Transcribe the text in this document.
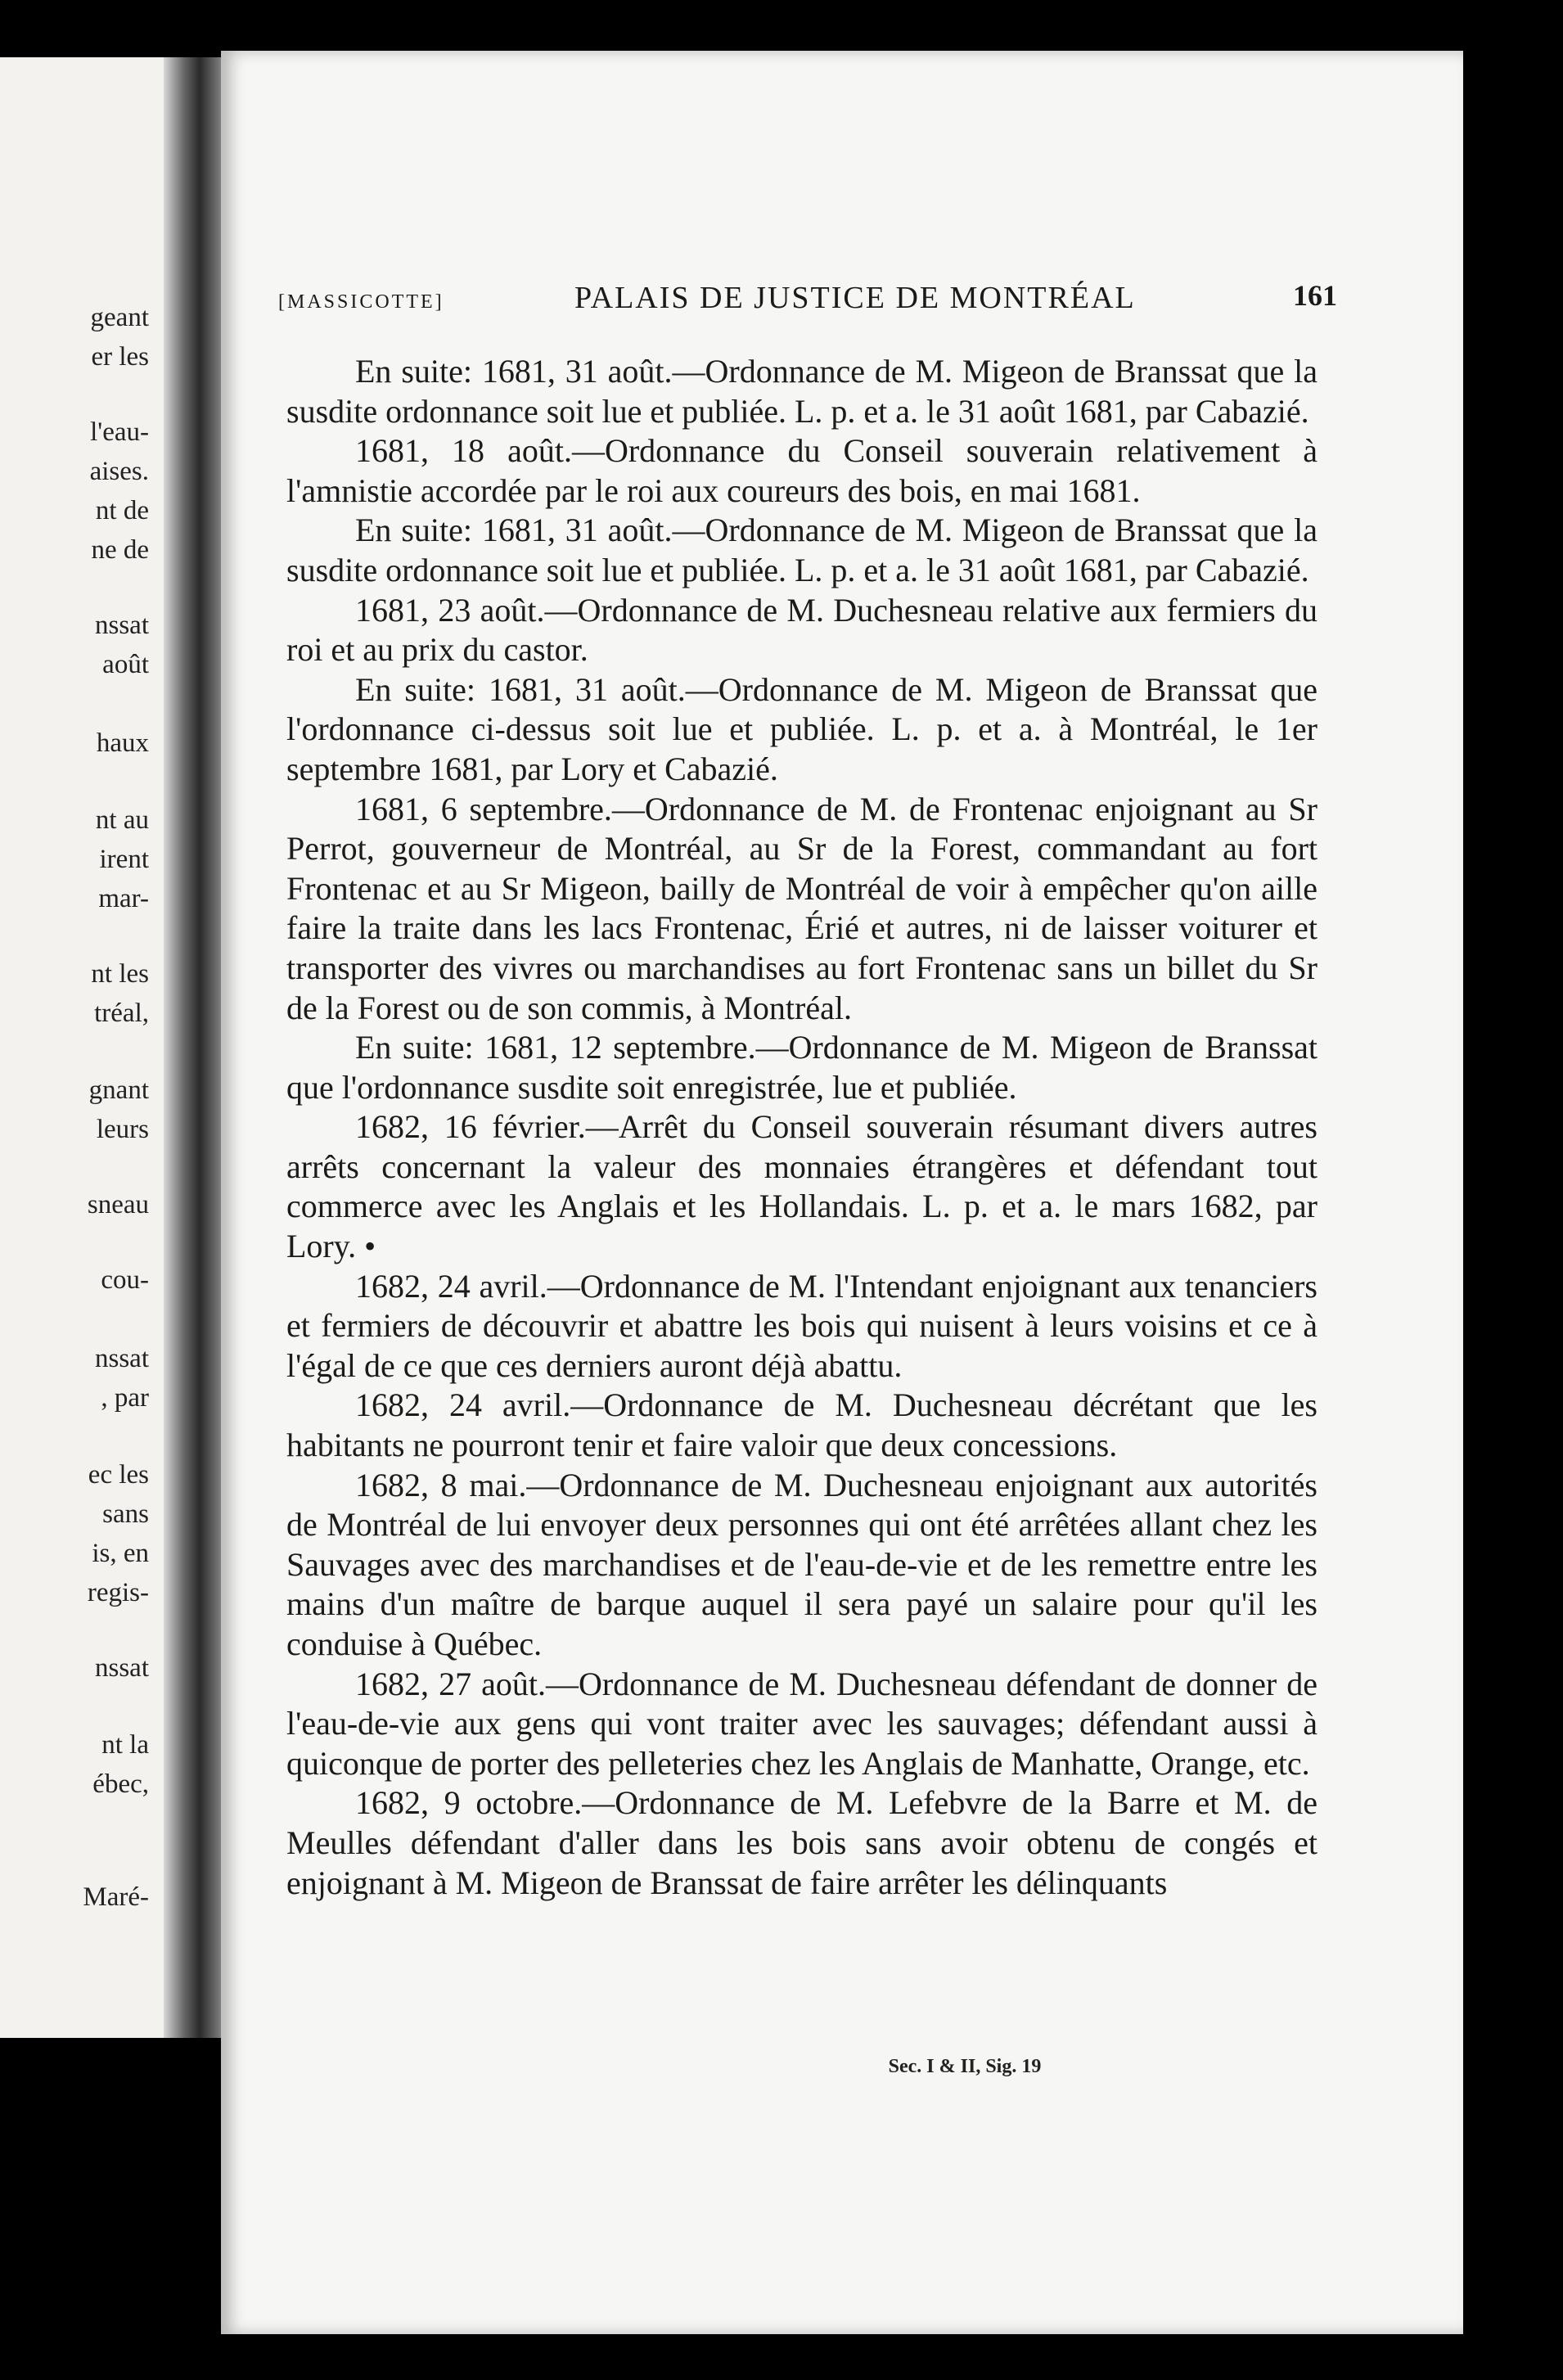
geant
er les
l'eau-
aises.
nt de
ne de
nssat
août
haux
nt au
irent
mar-
nt les
tréal,
gnant
leurs
sneau
cou-
nssat
, par
ec les
sans
is, en
regis-
nssat
nt la
ébec,
Maré-
[MASSICOTTE]	PALAIS DE JUSTICE DE MONTRÉAL	161

En suite: 1681, 31 août.—Ordonnance de M. Migeon de Branssat que la susdite ordonnance soit lue et publiée. L. p. et a. le 31 août 1681, par Cabazié.

1681, 18 août.—Ordonnance du Conseil souverain relativement à l'amnistie accordée par le roi aux coureurs des bois, en mai 1681.

En suite: 1681, 31 août.—Ordonnance de M. Migeon de Branssat que la susdite ordonnance soit lue et publiée. L. p. et a. le 31 août 1681, par Cabazié.

1681, 23 août.—Ordonnance de M. Duchesneau relative aux fermiers du roi et au prix du castor.

En suite: 1681, 31 août.—Ordonnance de M. Migeon de Branssat que l'ordonnance ci-dessus soit lue et publiée. L. p. et a. à Montréal, le 1er septembre 1681, par Lory et Cabazié.

1681, 6 septembre.—Ordonnance de M. de Frontenac enjoignant au Sr Perrot, gouverneur de Montréal, au Sr de la Forest, commandant au fort Frontenac et au Sr Migeon, bailly de Montréal de voir à empêcher qu'on aille faire la traite dans les lacs Frontenac, Érié et autres, ni de laisser voiturer et transporter des vivres ou marchandises au fort Frontenac sans un billet du Sr de la Forest ou de son commis, à Montréal.

En suite: 1681, 12 septembre.—Ordonnance de M. Migeon de Branssat que l'ordonnance susdite soit enregistrée, lue et publiée.

1682, 16 février.—Arrêt du Conseil souverain résumant divers autres arrêts concernant la valeur des monnaies étrangères et défendant tout commerce avec les Anglais et les Hollandais. L. p. et a. le mars 1682, par Lory. •

1682, 24 avril.—Ordonnance de M. l'Intendant enjoignant aux tenanciers et fermiers de découvrir et abattre les bois qui nuisent à leurs voisins et ce à l'égal de ce que ces derniers auront déjà abattu.

1682, 24 avril.—Ordonnance de M. Duchesneau décrétant que les habitants ne pourront tenir et faire valoir que deux concessions.

1682, 8 mai.—Ordonnance de M. Duchesneau enjoignant aux autorités de Montréal de lui envoyer deux personnes qui ont été arrêtées allant chez les Sauvages avec des marchandises et de l'eau-de-vie et de les remettre entre les mains d'un maître de barque auquel il sera payé un salaire pour qu'il les conduise à Québec.

1682, 27 août.—Ordonnance de M. Duchesneau défendant de donner de l'eau-de-vie aux gens qui vont traiter avec les sauvages; défendant aussi à quiconque de porter des pelleteries chez les Anglais de Manhatte, Orange, etc.

1682, 9 octobre.—Ordonnance de M. Lefebvre de la Barre et M. de Meulles défendant d'aller dans les bois sans avoir obtenu de congés et enjoignant à M. Migeon de Branssat de faire arrêter les délinquants

Sec. I & II, Sig. 19
